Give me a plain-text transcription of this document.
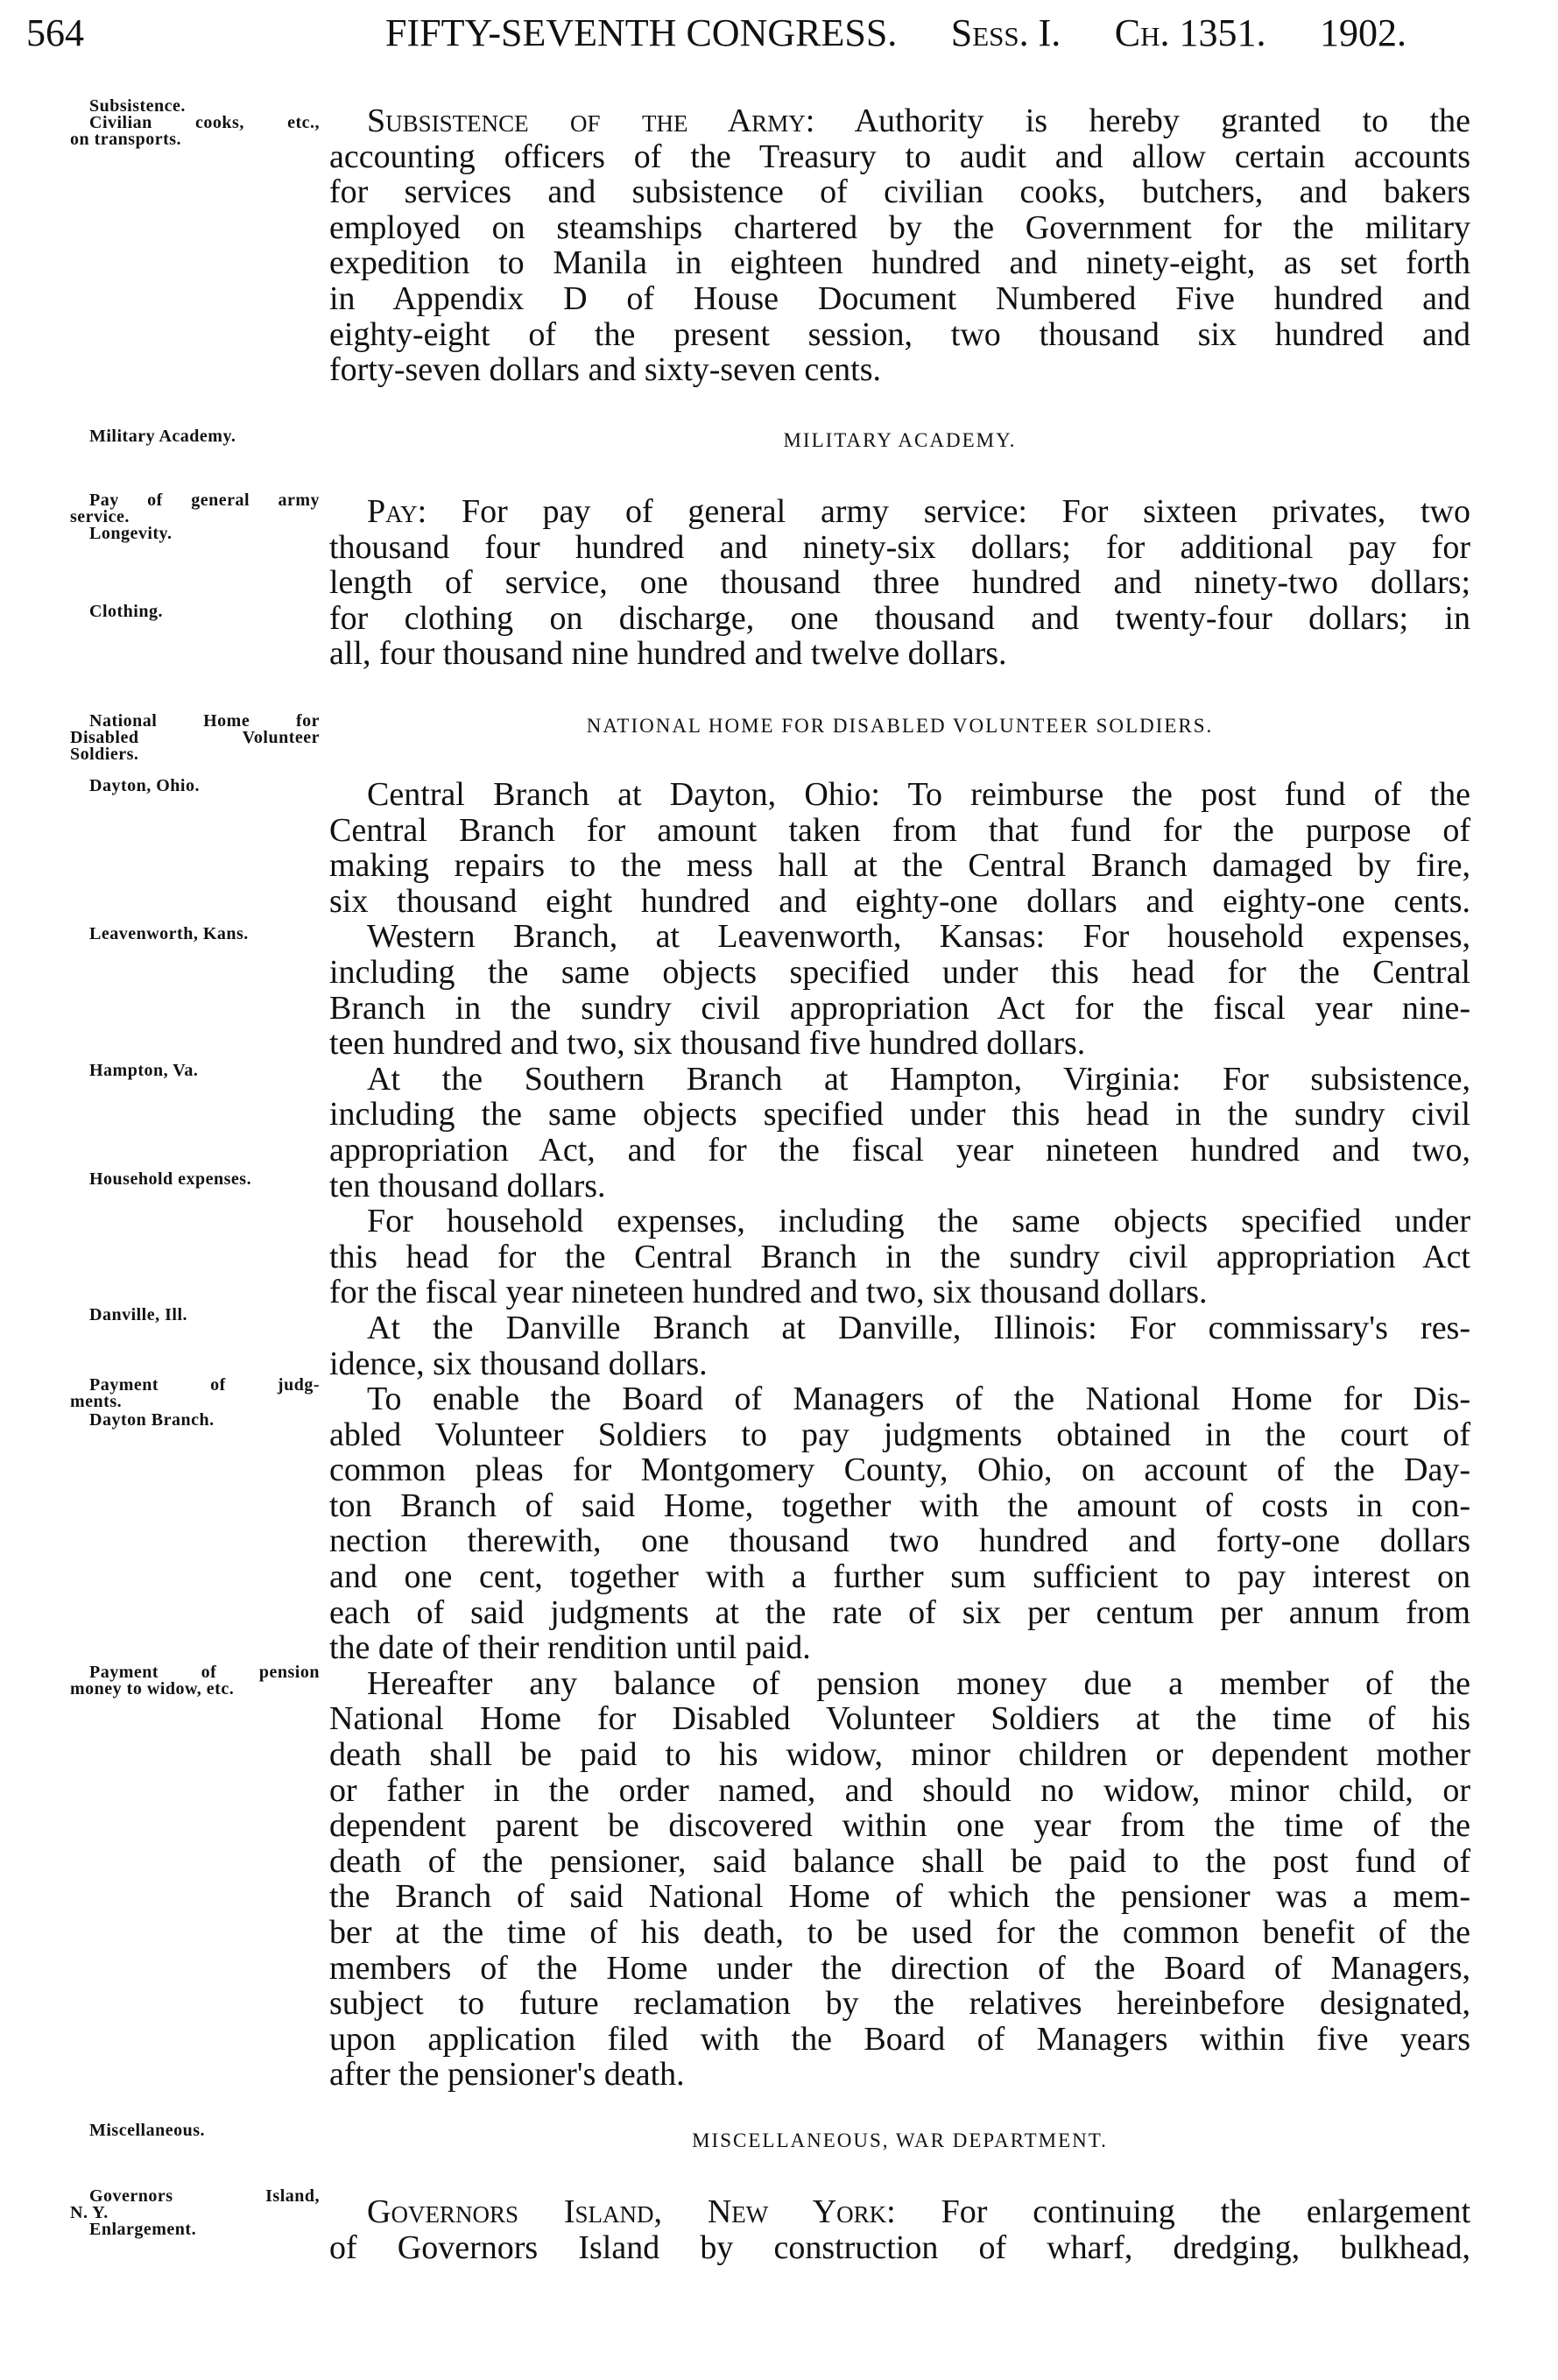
564	FIFTY-SEVENTH CONGRESS. Sess. I. Ch. 1351. 1902.
Subsistence of the Army: Authority is hereby granted to the
accounting officers of the Treasury to audit and allow certain accounts
for services and subsistence of civilian cooks, butchers, and bakers
employed on steamships chartered by the Government for the military
expedition to Manila in eighteen hundred and ninety-eight, as set forth
in Appendix D of House Document Numbered Five hundred and
eighty-eight of the present session, two thousand six hundred and
forty-seven dollars and sixty-seven cents.
MILITARY ACADEMY.
Pay: For pay of general army service: For sixteen privates, two
thousand four hundred and ninety-six dollars; for additional pay for
length of service, one thousand three hundred and ninety-two dollars;
for clothing on discharge, one thousand and twenty-four dollars; in
all, four thousand nine hundred and twelve dollars.
NATIONAL HOME FOR DISABLED VOLUNTEER SOLDIERS.
Central Branch at Dayton, Ohio: To reimburse the post fund of the
Central Branch for amount taken from that fund for the purpose of
making repairs to the mess hall at the Central Branch damaged by fire,
six thousand eight hundred and eighty-one dollars and eighty-one cents.
Western Branch, at Leavenworth, Kansas: For household expenses,
including the same objects specified under this head for the Central
Branch in the sundry civil appropriation Act for the fiscal year nine-
teen hundred and two, six thousand five hundred dollars.
At the Southern Branch at Hampton, Virginia: For subsistence,
including the same objects specified under this head in the sundry civil
appropriation Act, and for the fiscal year nineteen hundred and two,
ten thousand dollars.
For household expenses, including the same objects specified under
this head for the Central Branch in the sundry civil appropriation Act
for the fiscal year nineteen hundred and two, six thousand dollars.
At the Danville Branch at Danville, Illinois: For commissary's res-
idence, six thousand dollars.
To enable the Board of Managers of the National Home for Dis-
abled Volunteer Soldiers to pay judgments obtained in the court of
common pleas for Montgomery County, Ohio, on account of the Day-
ton Branch of said Home, together with the amount of costs in con-
nection therewith, one thousand two hundred and forty-one dollars
and one cent, together with a further sum sufficient to pay interest on
each of said judgments at the rate of six per centum per annum from
the date of their rendition until paid.
Hereafter any balance of pension money due a member of the
National Home for Disabled Volunteer Soldiers at the time of his
death shall be paid to his widow, minor children or dependent mother
or father in the order named, and should no widow, minor child, or
dependent parent be discovered within one year from the time of the
death of the pensioner, said balance shall be paid to the post fund of
the Branch of said National Home of which the pensioner was a mem-
ber at the time of his death, to be used for the common benefit of the
members of the Home under the direction of the Board of Managers,
subject to future reclamation by the relatives hereinbefore designated,
upon application filed with the Board of Managers within five years
after the pensioner's death.
MISCELLANEOUS, WAR DEPARTMENT.
Governors Island, New York: For continuing the enlargement
of Governors Island by construction of wharf, dredging, bulkhead,
Subsistence.
Civilian cooks, etc.,
on transports.
Military Academy.
Pay of general army
service.
Longevity.
Clothing.
National Home for
Disabled Volunteer
Soldiers.
Dayton, Ohio.
Leavenworth, Kans.
Hampton, Va.
Household expenses.
Danville, Ill.
Payment of judg-
ments.
Dayton Branch.
Payment of pension
money to widow, etc.
Miscellaneous.
Governors Island,
N. Y.
Enlargement.
